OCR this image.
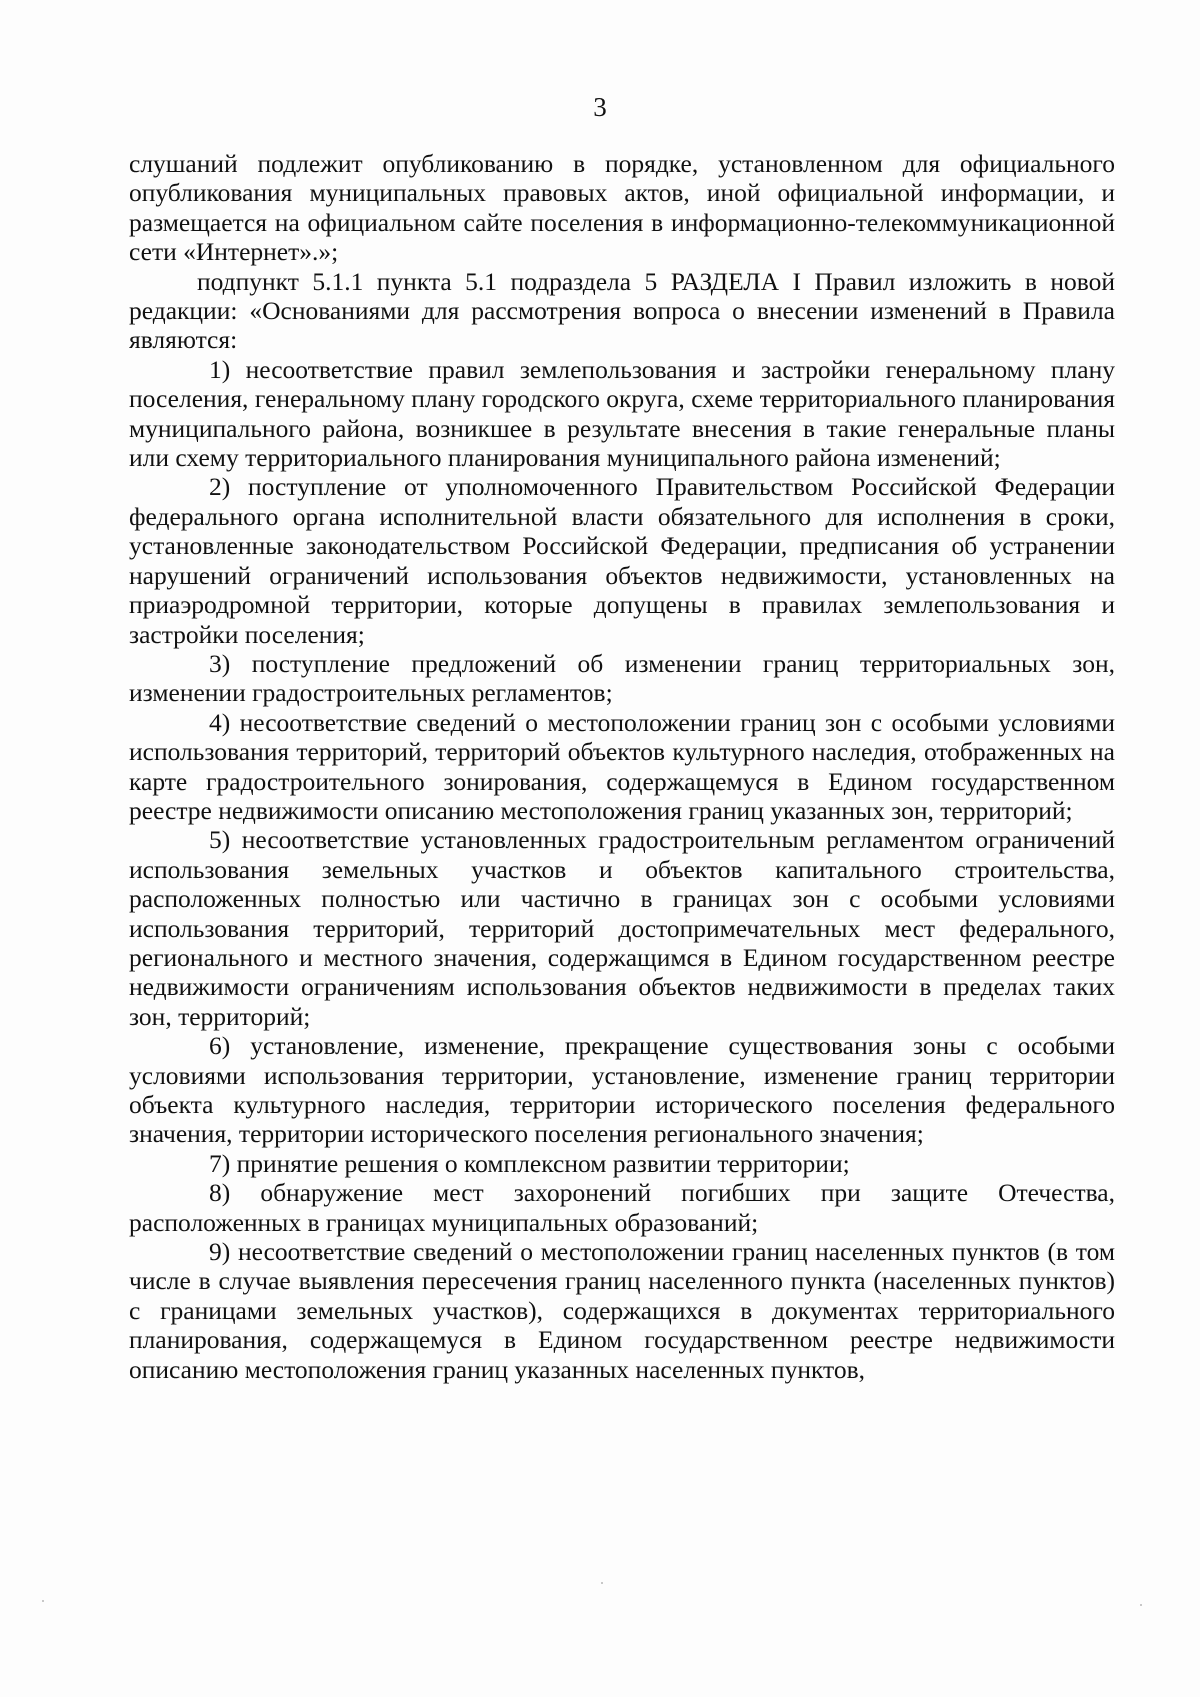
3

слушаний подлежит опубликованию в порядке, установленном для официального опубликования муниципальных правовых актов, иной официальной информации, и размещается на официальном сайте поселения в информационно-телекоммуникационной сети «Интернет».»;

подпункт 5.1.1 пункта 5.1 подраздела 5 РАЗДЕЛА I Правил изложить в новой редакции: «Основаниями для рассмотрения вопроса о внесении изменений в Правила являются:

1) несоответствие правил землепользования и застройки генеральному плану поселения, генеральному плану городского округа, схеме территориального планирования муниципального района, возникшее в результате внесения в такие генеральные планы или схему территориального планирования муниципального района изменений;

2) поступление от уполномоченного Правительством Российской Федерации федерального органа исполнительной власти обязательного для исполнения в сроки, установленные законодательством Российской Федерации, предписания об устранении нарушений ограничений использования объектов недвижимости, установленных на приаэродромной территории, которые допущены в правилах землепользования и застройки поселения;

3) поступление предложений об изменении границ территориальных зон, изменении градостроительных регламентов;

4) несоответствие сведений о местоположении границ зон с особыми условиями использования территорий, территорий объектов культурного наследия, отображенных на карте градостроительного зонирования, содержащемуся в Едином государственном реестре недвижимости описанию местоположения границ указанных зон, территорий;

5) несоответствие установленных градостроительным регламентом ограничений использования земельных участков и объектов капитального строительства, расположенных полностью или частично в границах зон с особыми условиями использования территорий, территорий достопримечательных мест федерального, регионального и местного значения, содержащимся в Едином государственном реестре недвижимости ограничениям использования объектов недвижимости в пределах таких зон, территорий;

6) установление, изменение, прекращение существования зоны с особыми условиями использования территории, установление, изменение границ территории объекта культурного наследия, территории исторического поселения федерального значения, территории исторического поселения регионального значения;

7) принятие решения о комплексном развитии территории;

8) обнаружение мест захоронений погибших при защите Отечества, расположенных в границах муниципальных образований;

9) несоответствие сведений о местоположении границ населенных пунктов (в том числе в случае выявления пересечения границ населенного пункта (населенных пунктов) с границами земельных участков), содержащихся в документах территориального планирования, содержащемуся в Едином государственном реестре недвижимости описанию местоположения границ указанных населенных пунктов,
